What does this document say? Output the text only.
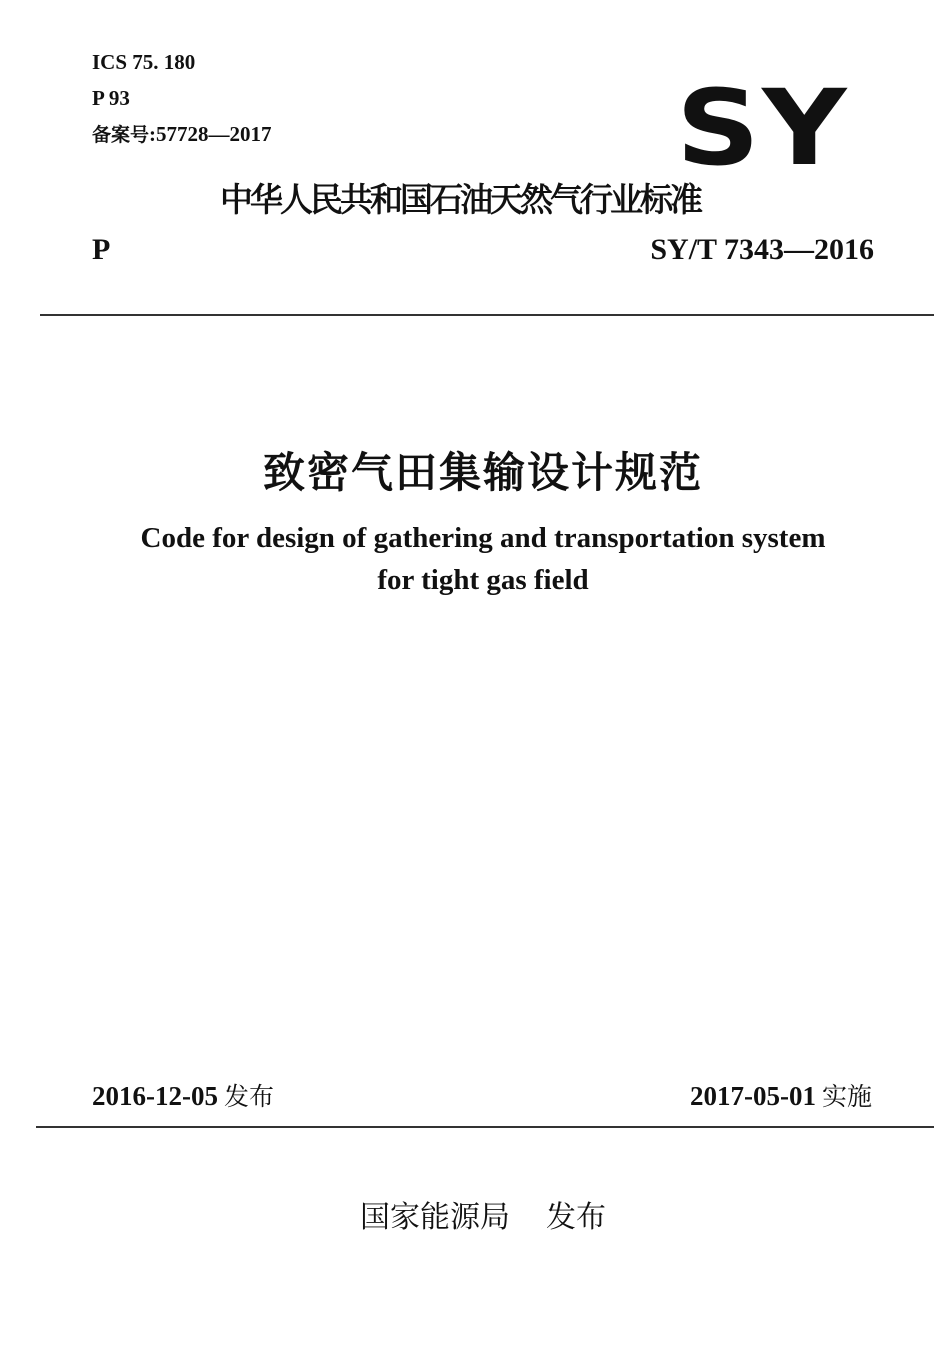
ICS 75. 180
P 93
备案号:57728—2017	SY
中华人民共和国石油天然气行业标准
P	SY/T 7343—2016
致密气田集输设计规范
Code for design of gathering and transportation system
for tight gas field
2016-12-05 发布	2017-05-01 实施
国家能源局 发布
